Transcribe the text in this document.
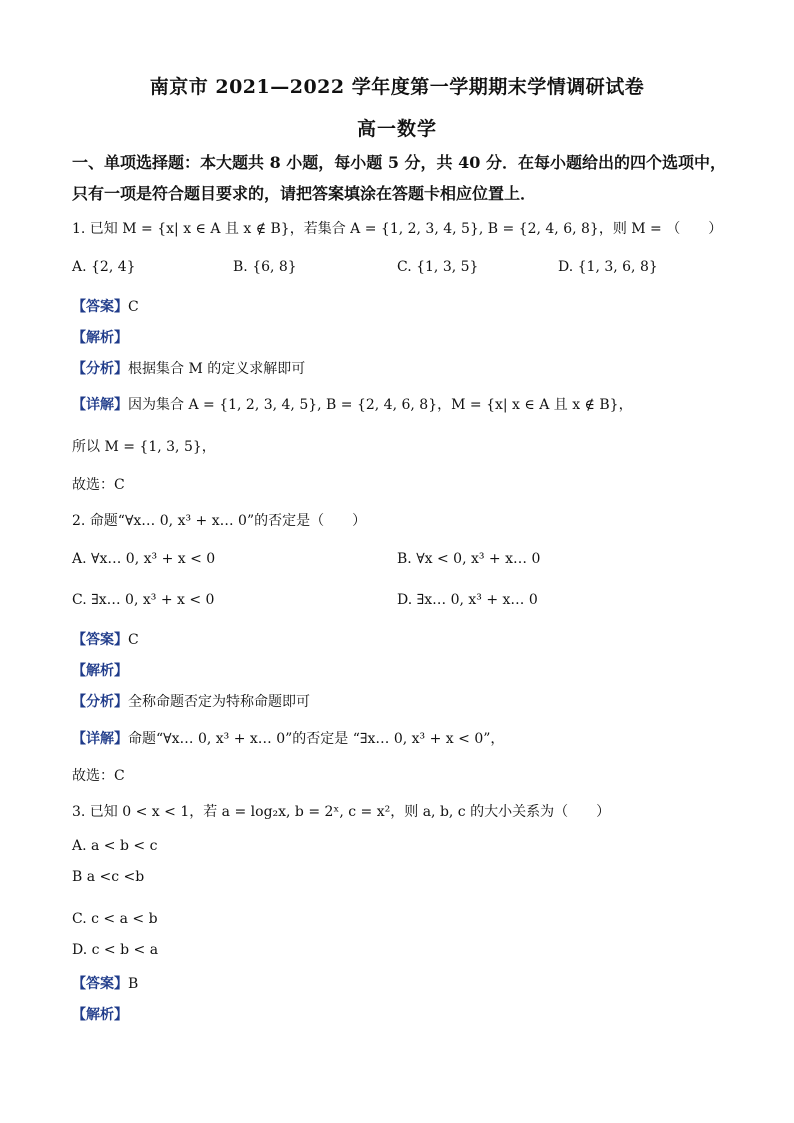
南京市 2021—2022 学年度第一学期期末学情调研试卷
高一数学
一、单项选择题：本大题共 8 小题，每小题 5 分，共 40 分．在每小题给出的四个选项中，
只有一项是符合题目要求的，请把答案填涂在答题卡相应位置上．
1. 已知 M = {x| x ∈ A 且 x ∉ B}，若集合 A = {1, 2, 3, 4, 5}, B = {2, 4, 6, 8}，则 M = （　　）
A. {2, 4}	B. {6, 8}	C. {1, 3, 5}	D. {1, 3, 6, 8}
【答案】C
【解析】
【分析】根据集合 M 的定义求解即可
【详解】因为集合 A = {1, 2, 3, 4, 5}, B = {2, 4, 6, 8}，M = {x| x ∈ A 且 x ∉ B}，
所以 M = {1, 3, 5}，
故选：C
2. 命题“∀x… 0, x³ + x… 0”的否定是（　　）
A. ∀x… 0, x³ + x < 0	B. ∀x < 0, x³ + x… 0
C. ∃x… 0, x³ + x < 0	D. ∃x… 0, x³ + x… 0
【答案】C
【解析】
【分析】全称命题否定为特称命题即可
【详解】命题“∀x… 0, x³ + x… 0”的否定是 “∃x… 0, x³ + x < 0”，
故选：C
3. 已知 0 < x < 1，若 a = log₂x, b = 2ˣ, c = x²，则 a, b, c 的大小关系为（　　）
A. a < b < c
B a <c <b
C. c < a < b
D. c < b < a
【答案】B
【解析】
